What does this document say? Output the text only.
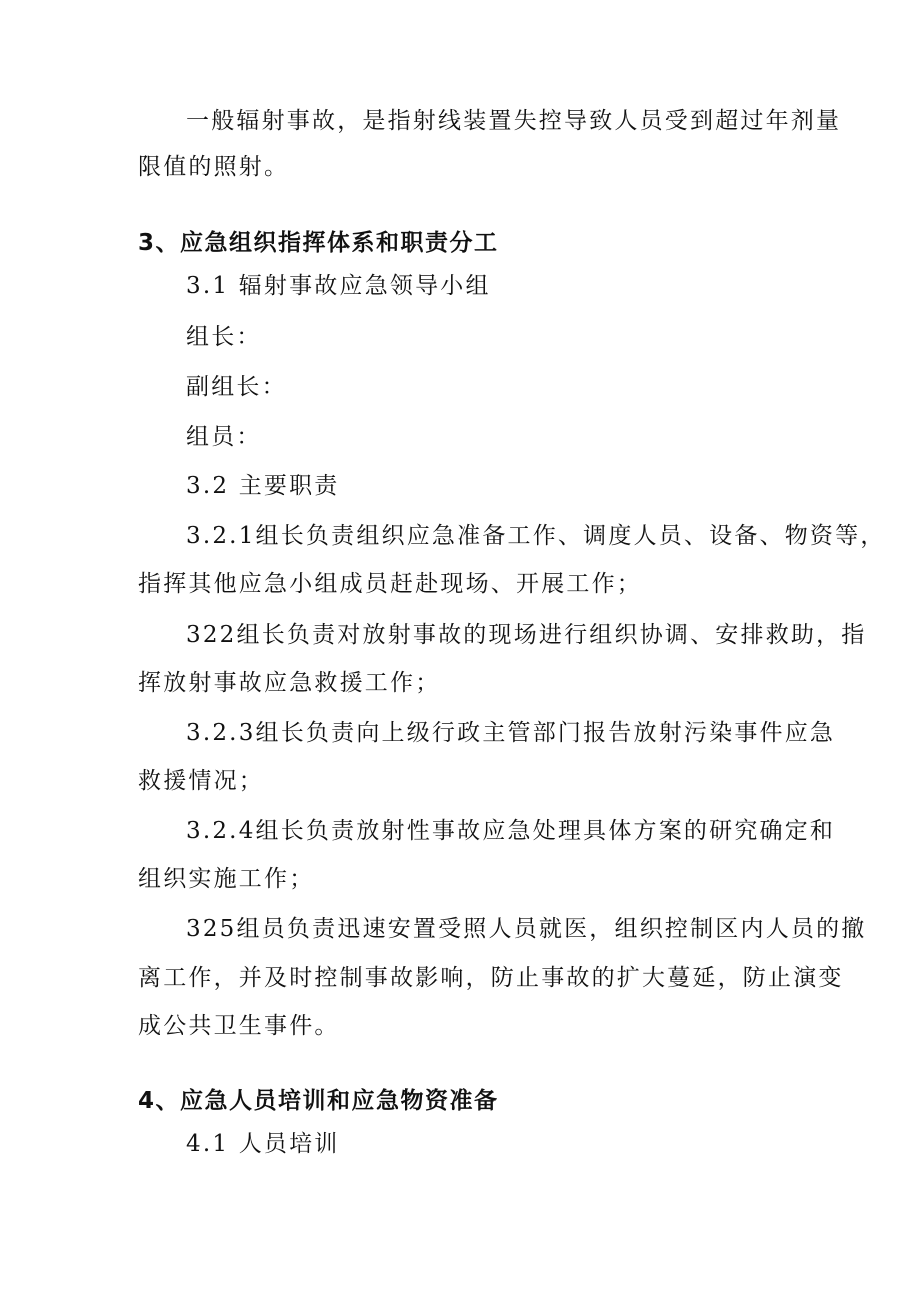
一般辐射事故，是指射线装置失控导致人员受到超过年剂量
限值的照射。
3、应急组织指挥体系和职责分工
3.1 辐射事故应急领导小组
组长：
副组长：
组员：
3.2 主要职责
3.2.1组长负责组织应急准备工作、调度人员、设备、物资等，
指挥其他应急小组成员赶赴现场、开展工作；
322组长负责对放射事故的现场进行组织协调、安排救助，指
挥放射事故应急救援工作；
3.2.3组长负责向上级行政主管部门报告放射污染事件应急
救援情况；
3.2.4组长负责放射性事故应急处理具体方案的研究确定和
组织实施工作；
325组员负责迅速安置受照人员就医，组织控制区内人员的撤
离工作，并及时控制事故影响，防止事故的扩大蔓延，防止演变
成公共卫生事件。
4、应急人员培训和应急物资准备
4.1 人员培训
